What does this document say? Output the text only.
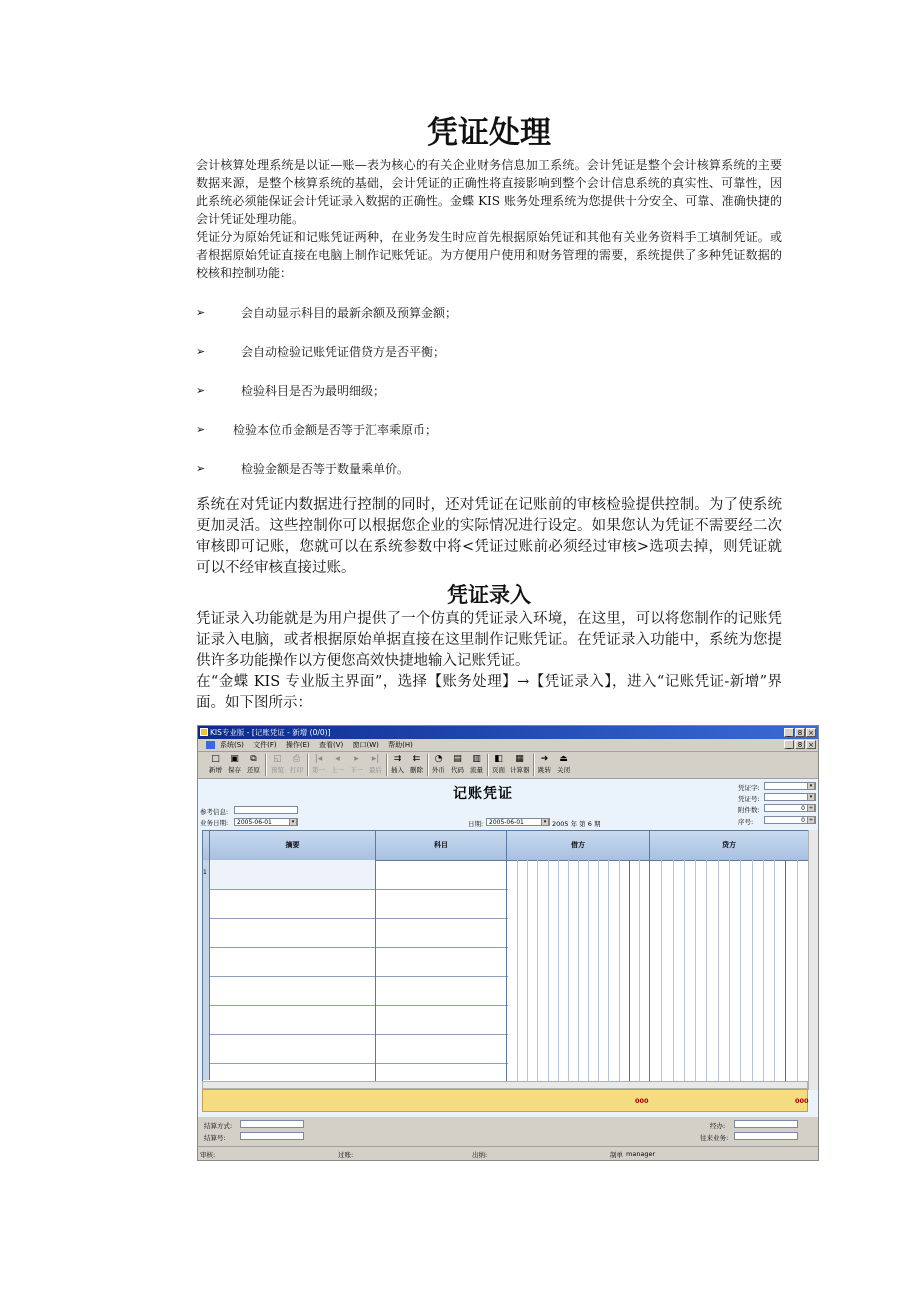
凭证处理

会计核算处理系统是以证—账—表为核心的有关企业财务信息加工系统。会计凭证是整个会计核算系统的主要数据来源，是整个核算系统的基础，会计凭证的正确性将直接影响到整个会计信息系统的真实性、可靠性，因此系统必须能保证会计凭证录入数据的正确性。金蝶 KIS 账务处理系统为您提供十分安全、可靠、准确快捷的会计凭证处理功能。

凭证分为原始凭证和记账凭证两种，在业务发生时应首先根据原始凭证和其他有关业务资料手工填制凭证。或者根据原始凭证直接在电脑上制作记账凭证。为方便用户使用和财务管理的需要，系统提供了多种凭证数据的校核和控制功能：

➢	会自动显示科目的最新余额及预算金额；
➢	会自动检验记账凭证借贷方是否平衡；
➢	检验科目是否为最明细级；
➢ 检验本位币金额是否等于汇率乘原币；
➢	检验金额是否等于数量乘单价。

系统在对凭证内数据进行控制的同时，还对凭证在记账前的审核检验提供控制。为了使系统更加灵活。这些控制你可以根据您企业的实际情况进行设定。如果您认为凭证不需要经二次审核即可记账，您就可以在系统参数中将<凭证过账前必须经过审核>选项去掉，则凭证就可以不经审核直接过账。

凭证录入

凭证录入功能就是为用户提供了一个仿真的凭证录入环境，在这里，可以将您制作的记账凭证录入电脑，或者根据原始单据直接在这里制作记账凭证。在凭证录入功能中，系统为您提供许多功能操作以方便您高效快捷地输入记账凭证。

在“金蝶 KIS 专业版主界面”，选择【账务处理】→【凭证录入】，进入“记账凭证-新增”界面。如下图所示：

KIS专业版 - [记账凭证 - 新增 (0/0)]	_	8 ×
系统(S) 文件(F) 操作(E) 查看(V) 窗口(W) 帮助(H)	_	8 ×
□
新增
▣
保存
⧉
还原
◱
预览
⎙
打印
|◂
第一
◂
上一
▸
下一
▸|
最后
⇉
插入
⇇
删除
◔
外币
▤
代码
▥
流量
◧
页面
▦
计算器
➜
跳转
⏏
关闭
记账凭证
参考信息:
业务日期:	2005-06-01	▾	日期: 2005-06-01	▾ 2005 年 第 6 期
凭证字:	▾
凭证号:	▾
附件数:	0 ÷
序号:	0 ÷
摘要	科目	借方	贷方
1
000	000
结算方式:
结算号:
经办:
往来业务:
审核:	过账:	出纳:	制单 manager
